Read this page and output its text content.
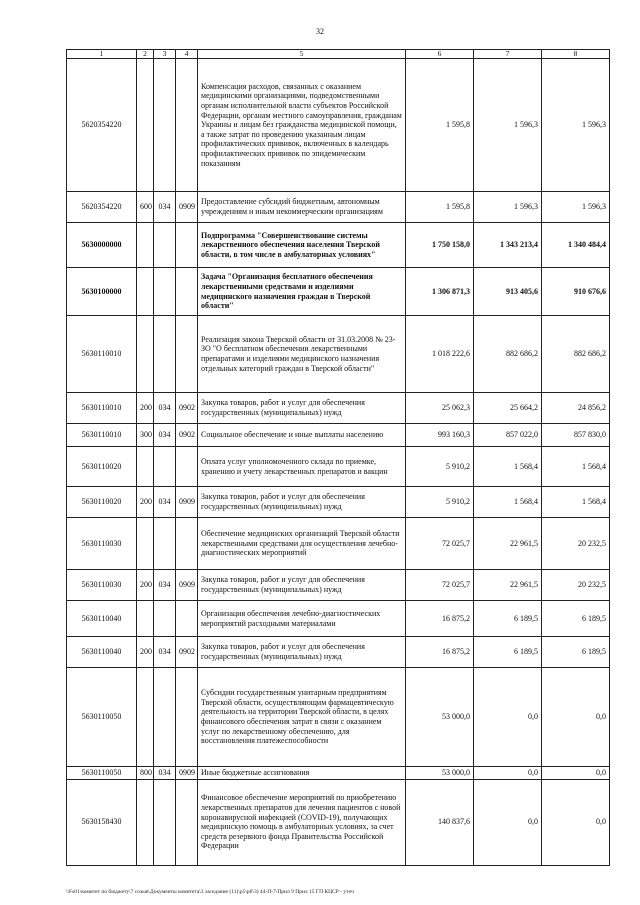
32
1	2	3	4	5	6	7	8
5620354220				Компенсация расходов, связанных с оказанием медицинскими организациями, подведомственными органам исполнительной власти субъектов Российской Федерации, органам местного самоуправления, гражданам Украины и лицам без гражданства медицинской помощи, а также затрат по проведению указанным лицам профилактических прививок, включенных в календарь профилактических прививок по эпидемическим показаниям	1 595,8	1 596,3	1 596,3
5620354220	600	034	0909	Предоставление субсидий бюджетным, автономным учреждениям и иным некоммерческим организациям	1 595,8	1 596,3	1 596,3
5630000000				Подпрограмма "Совершенствование системы лекарственного обеспечения населения Тверской области, в том числе в амбулаторных условиях"	1 750 158,0	1 343 213,4	1 340 484,4
5630100000				Задача "Организация бесплатного обеспечения лекарственными средствами и изделиями медицинского назначения граждан в Тверской области"	1 306 871,3	913 405,6	910 676,6
5630110010				Реализация закона Тверской области от 31.03.2008 № 23-ЗО "О бесплатном обеспечении лекарственными препаратами и изделиями медицинского назначения отдельных категорий граждан в Тверской области"	1 018 222,6	882 686,2	882 686,2
5630110010	200	034	0902	Закупка товаров, работ и услуг для обеспечения государственных (муниципальных) нужд	25 062,3	25 664,2	24 856,2
5630110010	300	034	0902	Социальное обеспечение и иные выплаты населению	993 160,3	857 022,0	857 830,0
5630110020				Оплата услуг уполномоченного склада по приемке, хранению и учету лекарственных препаратов и вакцин	5 910,2	1 568,4	1 568,4
5630110020	200	034	0909	Закупка товаров, работ и услуг для обеспечения государственных (муниципальных) нужд	5 910,2	1 568,4	1 568,4
5630110030				Обеспечение медицинских организаций Тверской области лекарственными средствами для осуществления лечебно-диагностических мероприятий	72 025,7	22 961,5	20 232,5
5630110030	200	034	0909	Закупка товаров, работ и услуг для обеспечения государственных (муниципальных) нужд	72 025,7	22 961,5	20 232,5
5630110040				Организация обеспечения лечебно-диагностических мероприятий расходными материалами	16 875,2	6 189,5	6 189,5
5630110040	200	034	0902	Закупка товаров, работ и услуг для обеспечения государственных (муниципальных) нужд	16 875,2	6 189,5	6 189,5
5630110050				Субсидии государственным унитарным предприятиям Тверской области, осуществляющим фармацевтическую деятельность на территории Тверской области, в целях финансового обеспечения затрат в связи с оказанием услуг по лекарственному обеспечению, для восстановления платежеспособности	53 000,0	0,0	0,0
5630110050	800	034	0909	Иные бюджетные ассигнования	53 000,0	0,0	0,0
5630158430				Финансовое обеспечение мероприятий по приобретению лекарственных препаратов для лечения пациентов с новой коронавирусной инфекцией (COVID-19), получающих медицинскую помощь в амбулаторных условиях, за счет средств резервного фонда Правительства Российской Федерации	140 837,6	0,0	0,0
\\Fs01\комитет по бюджету\7 созыв\Документы комитета\3 заседание (11)\р5\рб\3) 44-П-7\Прил 9 Прил 15 ГП КЦСР - уточ
